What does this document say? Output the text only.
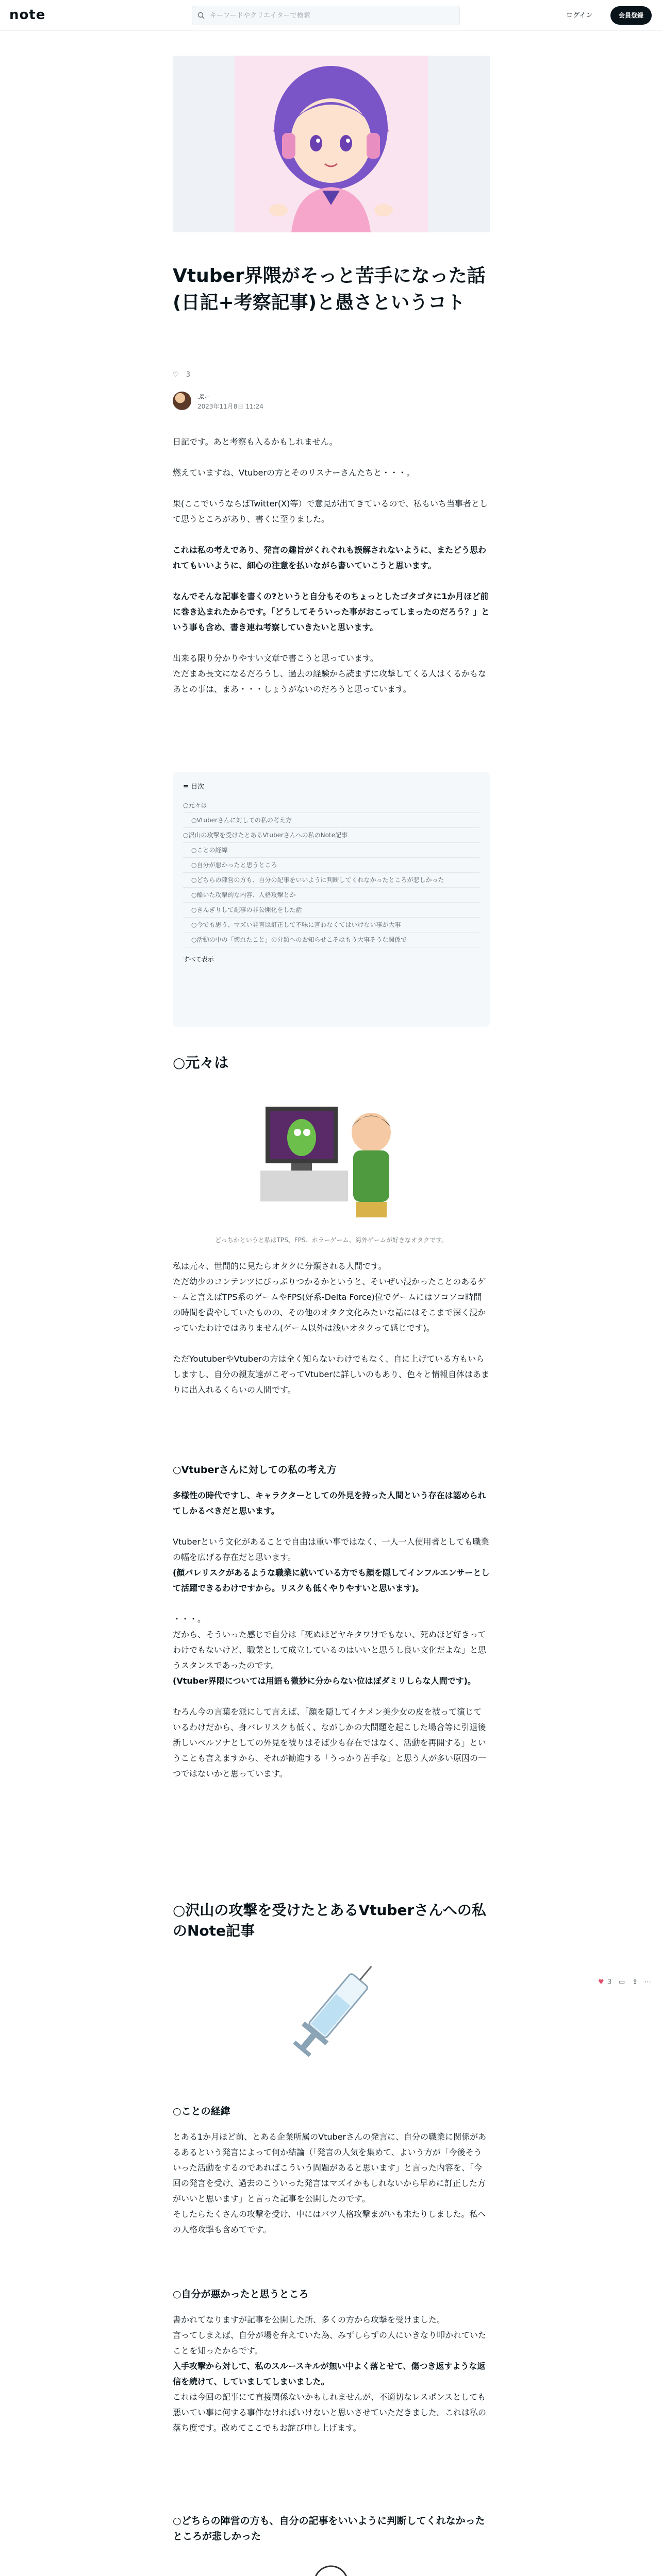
note
キーワードやクリエイターで検索	ログイン	会員登録
Vtuber界隈がそっと苦手になった話(日記+考察記事)と愚さというコト
♡ 3
ぷー
2023年11月8日 11:24

日記です。あと考察も入るかもしれません。

燃えていますね、Vtuberの方とそのリスナーさんたちと・・・。

果(ここでいうならばTwitter(X)等）で意見が出てきているので、私もいち当事者として思うところがあり、書くに至りました。

これは私の考えであり、発言の趣旨がくれぐれも誤解されないように、またどう思われてもいいように、細心の注意を払いながら書いていこうと思います。

なんでそんな記事を書くの?というと自分もそのちょっとしたゴタゴタに1か月ほど前に巻き込まれたからです。「どうしてそういった事がおこってしまったのだろう？」という事も含め、書き連ね考察していきたいと思います。

出来る限り分かりやすい文章で書こうと思っています。

ただまあ長文になるだろうし、過去の経験から読まずに攻撃してくる人はくるかもなあとの事は、まあ・・・しょうがないのだろうと思っています。

≡ 目次
○元々は
○Vtuberさんに対しての私の考え方
○沢山の攻撃を受けたとあるVtuberさんへの私のNote記事
○ことの経緯
○自分が悪かったと思うところ
○どちらの陣営の方も、自分の記事をいいように判断してくれなかったところが悲しかった
○酷いた攻撃的な内容、人格攻撃とか
○きんぎりして記事の非公開化をした話
○今でも思う、マズい発言は訂正して不味に言わなくてはいけない事が大事
○活動の中の「壊れたこと」の分類へのお知らせこそはもう大事そうな関係で
すべて表示
○元々は
どっちかというと私はTPS、FPS、ホラーゲーム、海外ゲームが好きなオタクです。

私は元々、世間的に見たらオタクに分類される人間です。

ただ幼少のコンテンツにびっぷりつかるかというと、そいぜい浸かったことのあるゲームと言えばTPS系のゲームやFPS(好系-Delta Force)位でゲームにはソコソコ時間の時間を費やしていたものの、その他のオタク文化みたいな話にはそこまで深く浸かっていたわけではありません(ゲーム以外は浅いオタクって感じです)。

ただYoutuberやVtuberの方は全く知らないわけでもなく、自に上げている方もいらしますし、自分の親友達がこぞってVtuberに詳しいのもあり、色々と情報自体はあまりに出入れるくらいの人間です。

○Vtuberさんに対しての私の考え方

多様性の時代ですし、キャラクターとしての外見を持った人間という存在は認められてしかるべきだと思います。

Vtuberという文化があることで自由は重い事ではなく、一人一人使用者としても職業の幅を広げる存在だと思います。

(顔バレリスクがあるような職業に就いている方でも顔を隠してインフルエンサーとして活躍できるわけですから。リスクも低くやりやすいと思います)。

・・・。

だから、そういった感じで自分は「死ぬほどヤキタワけでもない、死ぬほど好きってわけでもないけど、職業として成立しているのはいいと思うし良い文化だよな」と思うスタンスであったのです。

(Vtuber界隈については用語も微妙に分からない位はぼダミリしらな人間です)。

むろん今の言葉を派にして言えば、「顔を隠してイケメン美少女の皮を被って演じているわけだから、身バレリスクも低く、ながしかの大問題を起こした場合等に引退後新しいペルソナとしての外見を被りはそば少も存在ではなく、活動を再開する」ということも言えますから、それが勧進する「うっかり苦手な」と思う人が多い原因の一つではないかと思っています。

○沢山の攻撃を受けたとあるVtuberさんへの私のNote記事
○ことの経緯

とある1か月ほど前、とある企業所属のVtuberさんの発言に、自分の職業に関係があるあるという発言によって何か結論（「発言の人気を集めて、よいう方が「今後そういった活動をするのであればこういう問題があると思います」と言った内容を、「今回の発言を受け、過去のこういった発言はマズイかもしれないから早めに訂正した方がいいと思います」と言った記事を公開したのです。

そしたらたくさんの攻撃を受け、中にはバツ人格攻撃まがいも来たりしました。私への人格攻撃も含めてです。

○自分が悪かったと思うところ

書かれてなりますが記事を公開した所、多くの方から攻撃を受けました。

言ってしまえば、自分が場を弁えていた為、みずしらずの人にいきなり叩かれていたことを知ったからです。

入手攻撃から対して、私のスルースキルが無い中よく落とせて、傷つき返すような返信を続けて、していましてしまいました。

これは今回の記事にて直接関係ないかもしれませんが、不適切なレスポンスとしても悪いてい事に何する事件なければいけないと思いさせていただきました。これは私の落ち度です。改めてここでもお詫び申し上げます。

○どちらの陣営の方も、自分の記事をいいように判断してくれなかったところが悲しかった

♥ 3 ▭ ⇪ ⋯
